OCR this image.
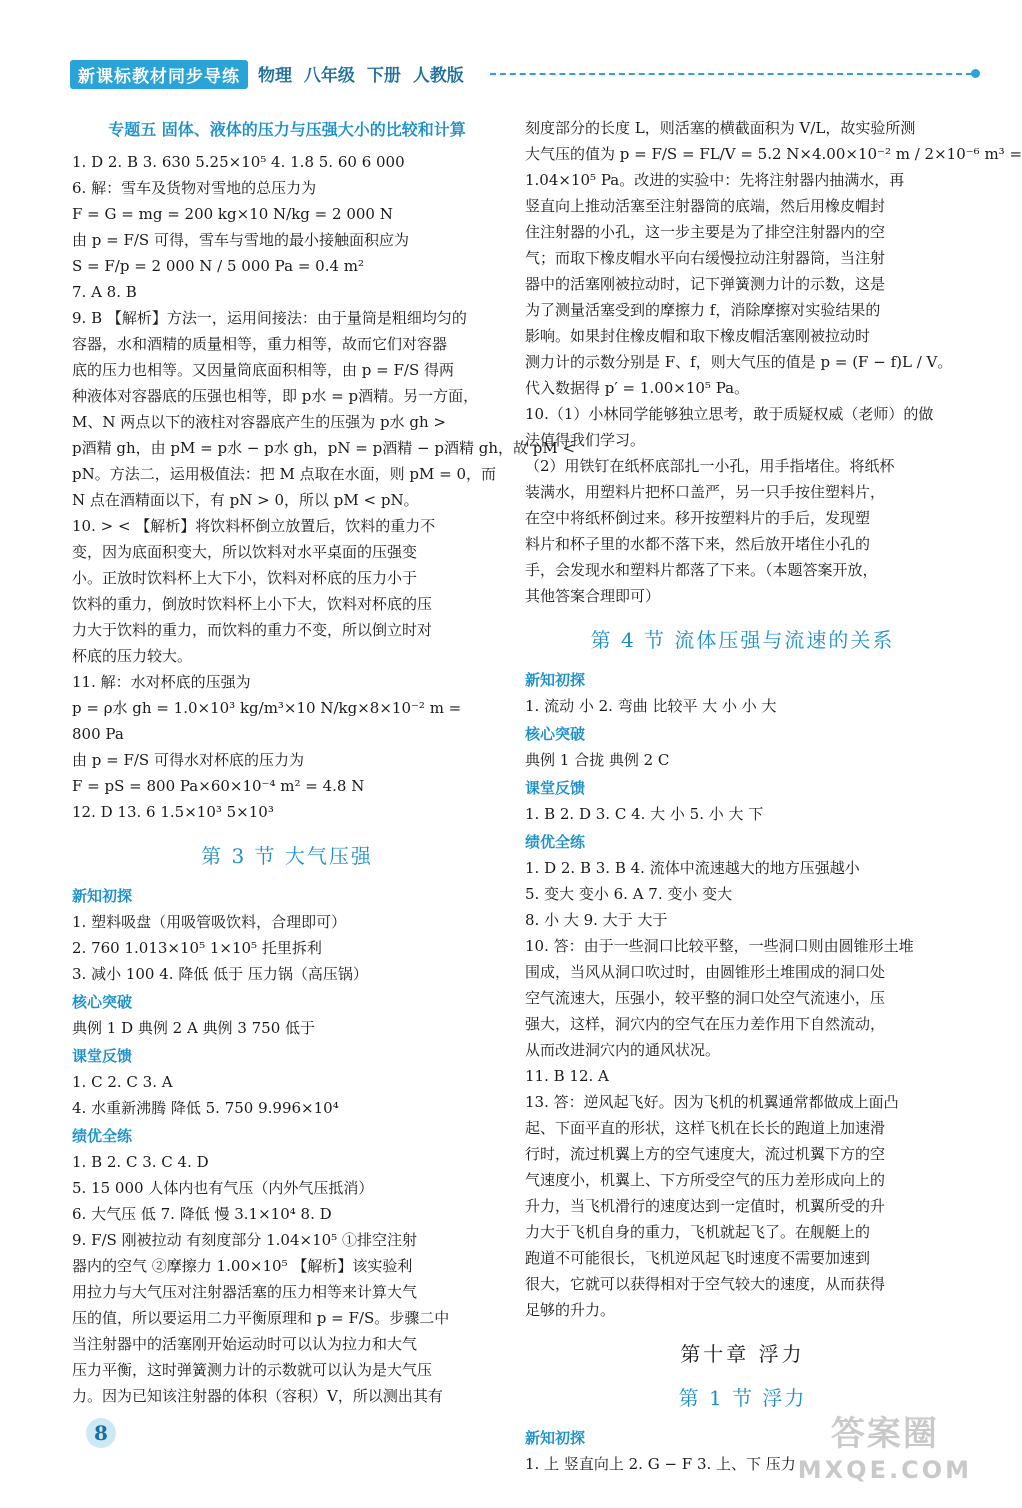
新课标教材同步导练	物理 八年级 下册 人教版
专题五 固体、液体的压力与压强大小的比较和计算
1. D 2. B 3. 630 5.25×10⁵ 4. 1.8 5. 60 6 000
6. 解：雪车及货物对雪地的总压力为
F = G = mg = 200 kg×10 N/kg = 2 000 N
由 p = F/S 可得，雪车与雪地的最小接触面积应为
S = F/p = 2 000 N / 5 000 Pa = 0.4 m²
7. A 8. B
9. B 【解析】方法一，运用间接法：由于量筒是粗细均匀的
容器，水和酒精的质量相等，重力相等，故而它们对容器
底的压力也相等。又因量筒底面积相等，由 p = F/S 得两
种液体对容器底的压强也相等，即 p水 = p酒精。另一方面，
M、N 两点以下的液柱对容器底产生的压强为 p水 gh >
p酒精 gh，由 pM = p水 − p水 gh，pN = p酒精 − p酒精 gh，故 pM <
pN。方法二，运用极值法：把 M 点取在水面，则 pM = 0，而
N 点在酒精面以下，有 pN > 0，所以 pM < pN。
10. > < 【解析】将饮料杯倒立放置后，饮料的重力不
变，因为底面积变大，所以饮料对水平桌面的压强变
小。正放时饮料杯上大下小，饮料对杯底的压力小于
饮料的重力，倒放时饮料杯上小下大，饮料对杯底的压
力大于饮料的重力，而饮料的重力不变，所以倒立时对
杯底的压力较大。
11. 解：水对杯底的压强为
p = ρ水 gh = 1.0×10³ kg/m³×10 N/kg×8×10⁻² m =
800 Pa
由 p = F/S 可得水对杯底的压力为
F = pS = 800 Pa×60×10⁻⁴ m² = 4.8 N
12. D 13. 6 1.5×10³ 5×10³
第 3 节 大气压强
新知初探
1. 塑料吸盘（用吸管吸饮料，合理即可）
2. 760 1.013×10⁵ 1×10⁵ 托里拆利
3. 减小 100 4. 降低 低于 压力锅（高压锅）
核心突破
典例 1 D 典例 2 A 典例 3 750 低于
课堂反馈
1. C 2. C 3. A
4. 水重新沸腾 降低 5. 750 9.996×10⁴
绩优全练
1. B 2. C 3. C 4. D
5. 15 000 人体内也有气压（内外气压抵消）
6. 大气压 低 7. 降低 慢 3.1×10⁴ 8. D
9. F/S 刚被拉动 有刻度部分 1.04×10⁵ ①排空注射
器内的空气 ②摩擦力 1.00×10⁵ 【解析】该实验利
用拉力与大气压对注射器活塞的压力相等来计算大气
压的值，所以要运用二力平衡原理和 p = F/S。步骤二中
当注射器中的活塞刚开始运动时可以认为拉力和大气
压力平衡，这时弹簧测力计的示数就可以认为是大气压
力。因为已知该注射器的体积（容积）V，所以测出其有
刻度部分的长度 L，则活塞的横截面积为 V/L，故实验所测
大气压的值为 p = F/S = FL/V = 5.2 N×4.00×10⁻² m / 2×10⁻⁶ m³ =
1.04×10⁵ Pa。改进的实验中：先将注射器内抽满水，再
竖直向上推动活塞至注射器筒的底端，然后用橡皮帽封
住注射器的小孔，这一步主要是为了排空注射器内的空
气；而取下橡皮帽水平向右缓慢拉动注射器筒，当注射
器中的活塞刚被拉动时，记下弹簧测力计的示数，这是
为了测量活塞受到的摩擦力 f，消除摩擦对实验结果的
影响。如果封住橡皮帽和取下橡皮帽活塞刚被拉动时
测力计的示数分别是 F、f，则大气压的值是 p = (F − f)L / V。
代入数据得 p′ = 1.00×10⁵ Pa。
10.（1）小林同学能够独立思考，敢于质疑权威（老师）的做
法值得我们学习。
（2）用铁钉在纸杯底部扎一小孔，用手指堵住。将纸杯
装满水，用塑料片把杯口盖严，另一只手按住塑料片，
在空中将纸杯倒过来。移开按塑料片的手后，发现塑
料片和杯子里的水都不落下来，然后放开堵住小孔的
手，会发现水和塑料片都落了下来。（本题答案开放，
其他答案合理即可）
第 4 节 流体压强与流速的关系
新知初探
1. 流动 小 2. 弯曲 比较平 大 小 小 大
核心突破
典例 1 合拢 典例 2 C
课堂反馈
1. B 2. D 3. C 4. 大 小 5. 小 大 下
绩优全练
1. D 2. B 3. B 4. 流体中流速越大的地方压强越小
5. 变大 变小 6. A 7. 变小 变大
8. 小 大 9. 大于 大于
10. 答：由于一些洞口比较平整，一些洞口则由圆锥形土堆
围成，当风从洞口吹过时，由圆锥形土堆围成的洞口处
空气流速大，压强小，较平整的洞口处空气流速小，压
强大，这样，洞穴内的空气在压力差作用下自然流动，
从而改进洞穴内的通风状况。
11. B 12. A
13. 答：逆风起飞好。因为飞机的机翼通常都做成上面凸
起、下面平直的形状，这样飞机在长长的跑道上加速滑
行时，流过机翼上方的空气速度大，流过机翼下方的空
气速度小，机翼上、下方所受空气的压力差形成向上的
升力，当飞机滑行的速度达到一定值时，机翼所受的升
力大于飞机自身的重力，飞机就起飞了。在舰艇上的
跑道不可能很长，飞机逆风起飞时速度不需要加速到
很大，它就可以获得相对于空气较大的速度，从而获得
足够的升力。
第十章 浮力
第 1 节 浮力
新知初探
1. 上 竖直向上 2. G − F 3. 上、下 压力
8	答案圈
MXQE.COM
